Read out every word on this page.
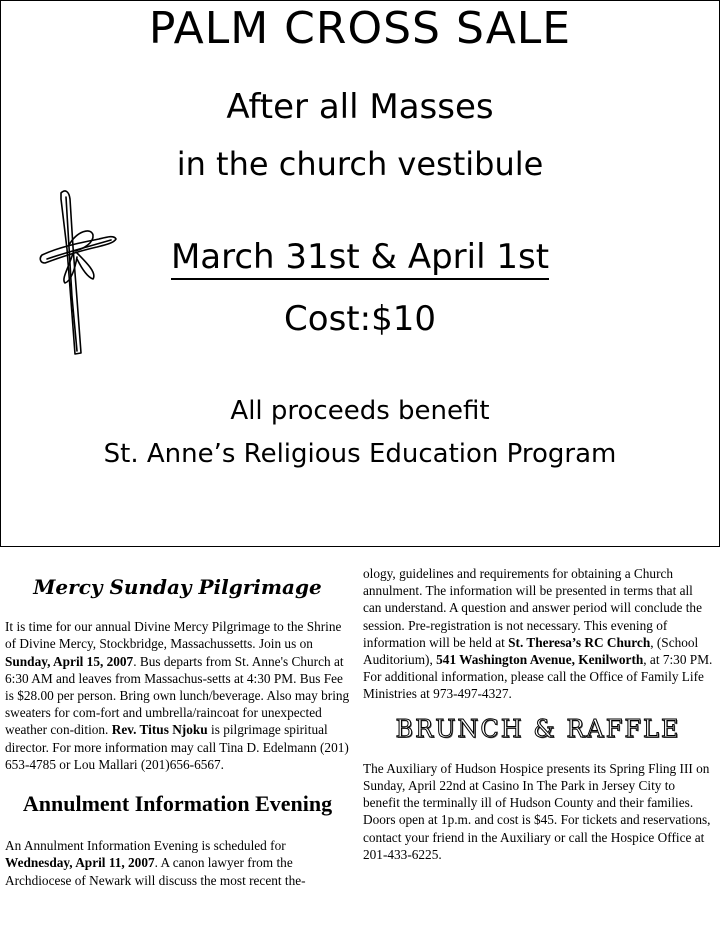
PALM CROSS SALE
After all Masses
in the church vestibule
March 31st & April 1st
Cost:$10
All proceeds benefit
St. Anne’s Religious Education Program
Mercy Sunday Pilgrimage

It is time for our annual Divine Mercy Pilgrimage to the Shrine of Divine Mercy, Stockbridge, Massachussetts. Join us on Sunday, April 15, 2007. Bus departs from St. Anne's Church at 6:30 AM and leaves from Massachus-setts at 4:30 PM. Bus Fee is $28.00 per person. Bring own lunch/beverage. Also may bring sweaters for com-fort and umbrella/raincoat for unexpected weather con-dition. Rev. Titus Njoku is pilgrimage spiritual director. For more information may call Tina D. Edelmann (201) 653-4785 or Lou Mallari (201)656-6567.

Annulment Information Evening

An Annulment Information Evening is scheduled for Wednesday, April 11, 2007. A canon lawyer from the Archdiocese of Newark will discuss the most recent the-

ology, guidelines and requirements for obtaining a Church annulment. The information will be presented in terms that all can understand. A question and answer period will conclude the session. Pre-registration is not necessary. This evening of information will be held at St. Theresa’s RC Church, (School Auditorium), 541 Washington Avenue, Kenilworth, at 7:30 PM. For additional information, please call the Office of Family Life Ministries at 973-497-4327.

BRUNCH & RAFFLE

The Auxiliary of Hudson Hospice presents its Spring Fling III on Sunday, April 22nd at Casino In The Park in Jersey City to benefit the terminally ill of Hudson County and their families. Doors open at 1p.m. and cost is $45. For tickets and reservations, contact your friend in the Auxiliary or call the Hospice Office at 201-433-6225.
